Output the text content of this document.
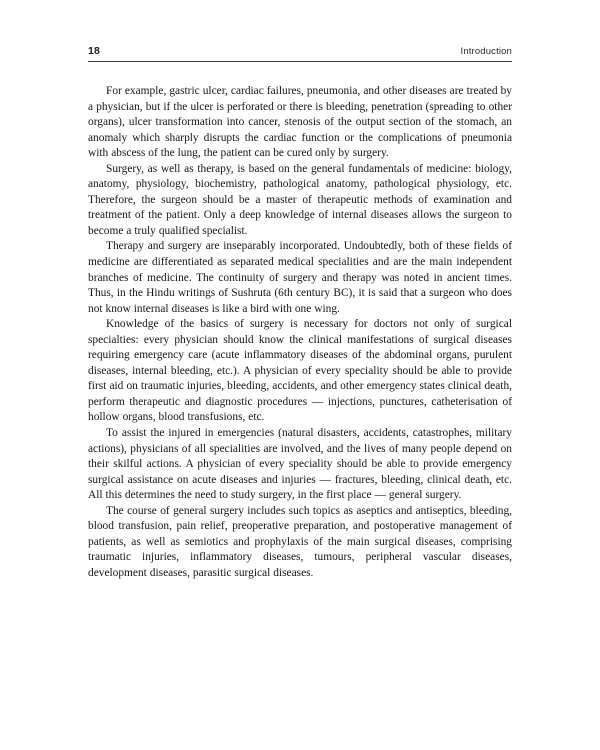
18	Introduction

For example, gastric ulcer, cardiac failures, pneumonia, and other diseases are treated by a physician, but if the ulcer is perforated or there is bleeding, penetration (spreading to other organs), ulcer transformation into cancer, stenosis of the output section of the stomach, an anomaly which sharply disrupts the cardiac function or the complications of pneumonia with abscess of the lung, the patient can be cured only by surgery.

Surgery, as well as therapy, is based on the general fundamentals of medicine: biology, anatomy, physiology, biochemistry, pathological anatomy, pathological physiology, etc. Therefore, the surgeon should be a master of therapeutic methods of examination and treatment of the patient. Only a deep knowledge of internal diseases allows the surgeon to become a truly qualified specialist.

Therapy and surgery are inseparably incorporated. Undoubtedly, both of these fields of medicine are differentiated as separated medical specialities and are the main independent branches of medicine. The continuity of surgery and therapy was noted in ancient times. Thus, in the Hindu writings of Sushruta (6th century BC), it is said that a surgeon who does not know internal diseases is like a bird with one wing.

Knowledge of the basics of surgery is necessary for doctors not only of surgical specialties: every physician should know the clinical manifestations of surgical diseases requiring emergency care (acute inflammatory diseases of the abdominal organs, purulent diseases, internal bleeding, etc.). A physician of every speciality should be able to provide first aid on traumatic injuries, bleeding, accidents, and other emergency states clinical death, perform therapeutic and diagnostic procedures — injections, punctures, catheterisation of hollow organs, blood transfusions, etc.

To assist the injured in emergencies (natural disasters, accidents, catastrophes, military actions), physicians of all specialities are involved, and the lives of many people depend on their skilful actions. A physician of every speciality should be able to provide emergency surgical assistance on acute diseases and injuries — fractures, bleeding, clinical death, etc. All this determines the need to study surgery, in the first place — general surgery.

The course of general surgery includes such topics as aseptics and antiseptics, bleeding, blood transfusion, pain relief, preoperative preparation, and postoperative management of patients, as well as semiotics and prophylaxis of the main surgical diseases, comprising traumatic injuries, inflammatory diseases, tumours, peripheral vascular diseases, development diseases, parasitic surgical diseases.
